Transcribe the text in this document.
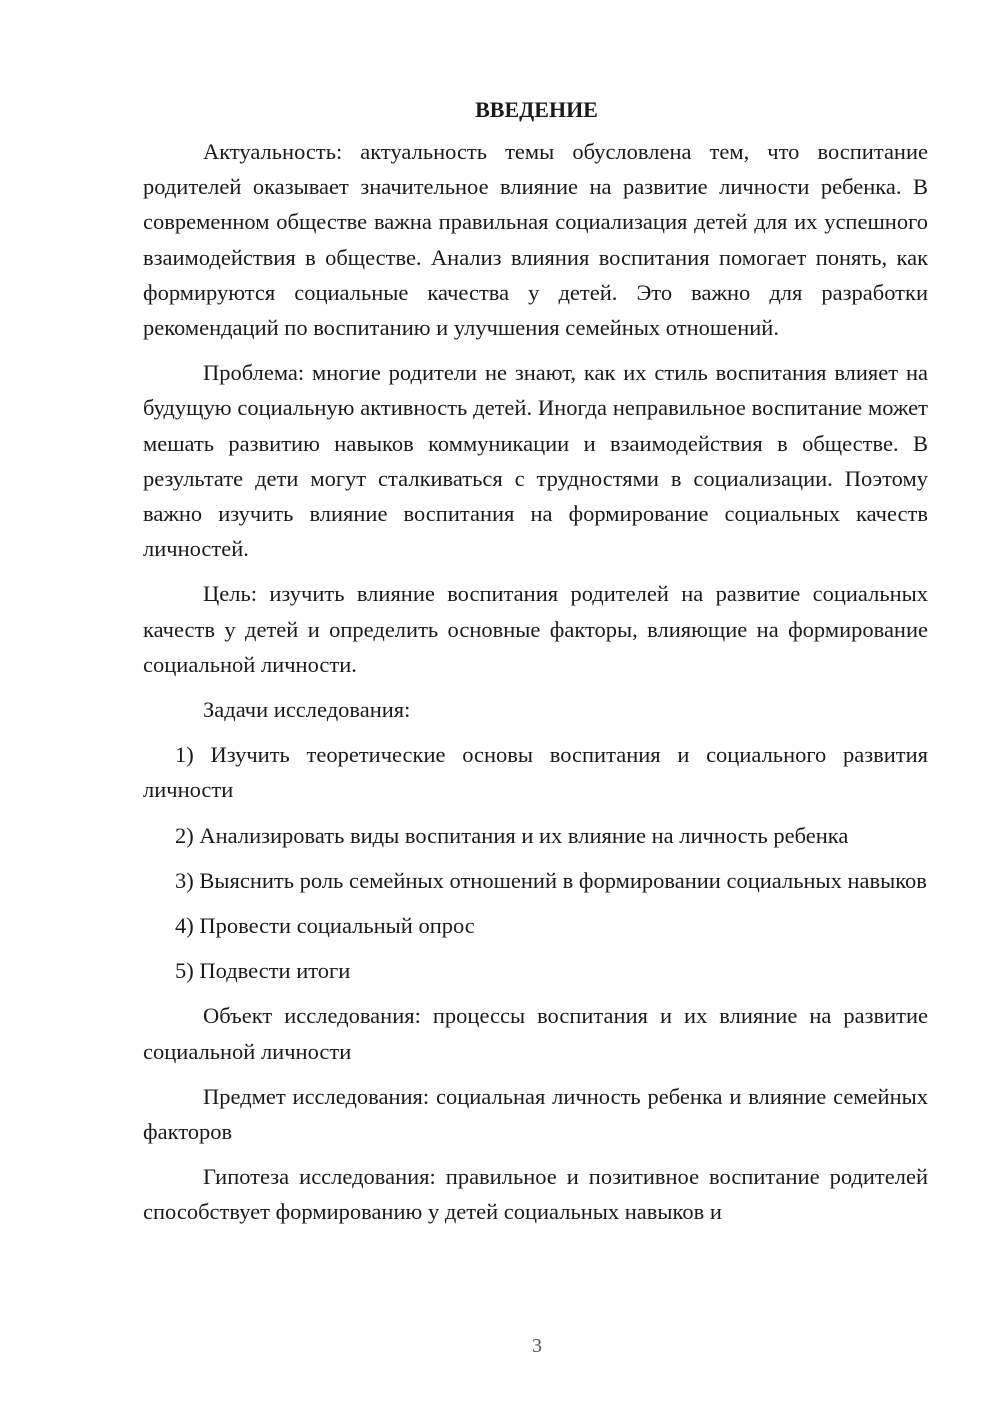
ВВЕДЕНИЕ

Актуальность: актуальность темы обусловлена тем, что воспитание родителей оказывает значительное влияние на развитие личности ребенка. В современном обществе важна правильная социализация детей для их успешного взаимодействия в обществе. Анализ влияния воспитания помогает понять, как формируются социальные качества у детей. Это важно для разработки рекомендаций по воспитанию и улучшения семейных отношений.

Проблема: многие родители не знают, как их стиль воспитания влияет на будущую социальную активность детей. Иногда неправильное воспитание может мешать развитию навыков коммуникации и взаимодействия в обществе. В результате дети могут сталкиваться с трудностями в социализации. Поэтому важно изучить влияние воспитания на формирование социальных качеств личностей.

Цель: изучить влияние воспитания родителей на развитие социальных качеств у детей и определить основные факторы, влияющие на формирование социальной личности.

Задачи исследования:

1) Изучить теоретические основы воспитания и социального развития личности

2) Анализировать виды воспитания и их влияние на личность ребенка

3) Выяснить роль семейных отношений в формировании социальных навыков

4) Провести социальный опрос

5) Подвести итоги

Объект исследования: процессы воспитания и их влияние на развитие социальной личности

Предмет исследования: социальная личность ребенка и влияние семейных факторов

Гипотеза исследования: правильное и позитивное воспитание родителей способствует формированию у детей социальных навыков и

3
